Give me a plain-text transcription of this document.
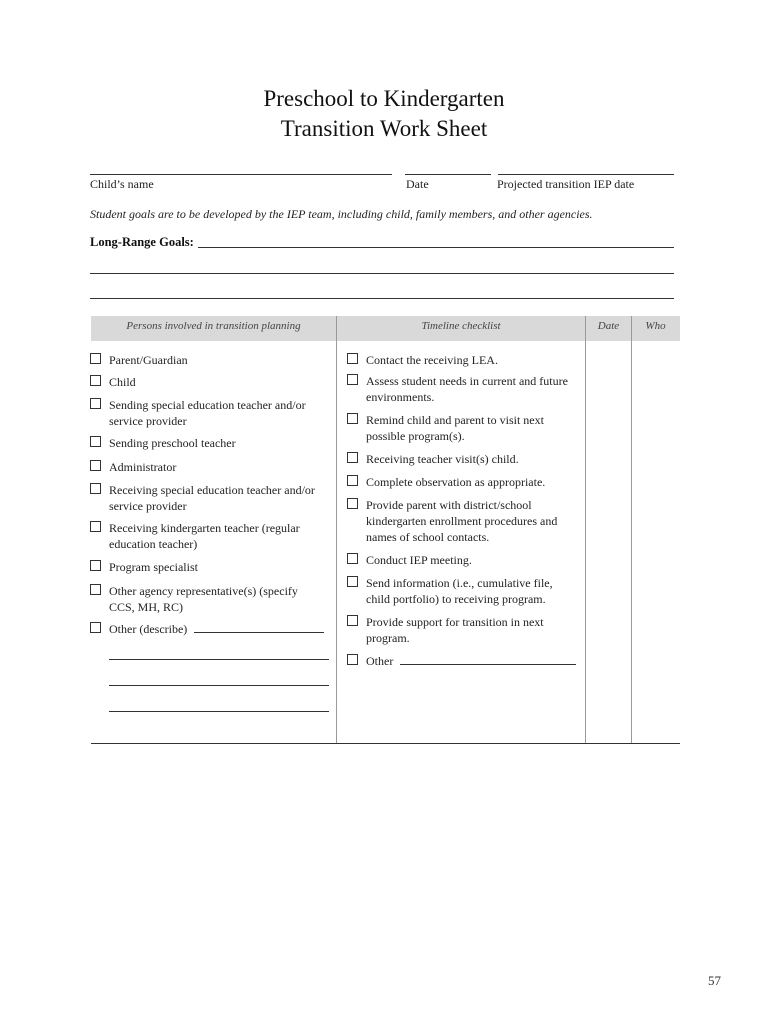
Preschool to Kindergarten
Transition Work Sheet
Child’s name	Date	Projected transition IEP date
Student goals are to be developed by the IEP team, including child, family members, and other agencies.
Long-Range Goals:
Persons involved in transition planning	Timeline checklist	Date	Who
Parent/Guardian
Child
Sending special education teacher and/or service provider
Sending preschool teacher
Administrator
Receiving special education teacher and/or service provider
Receiving kindergarten teacher (regular education teacher)
Program specialist
Other agency representative(s) (specify CCS, MH, RC)
Other (describe)
Contact the receiving LEA.
Assess student needs in current and future environments.
Remind child and parent to visit next possible program(s).
Receiving teacher visit(s) child.
Complete observation as appropriate.
Provide parent with district/school kindergarten enrollment procedures and names of school contacts.
Conduct IEP meeting.
Send information (i.e., cumulative file, child portfolio) to receiving program.
Provide support for transition in next program.
Other
57
